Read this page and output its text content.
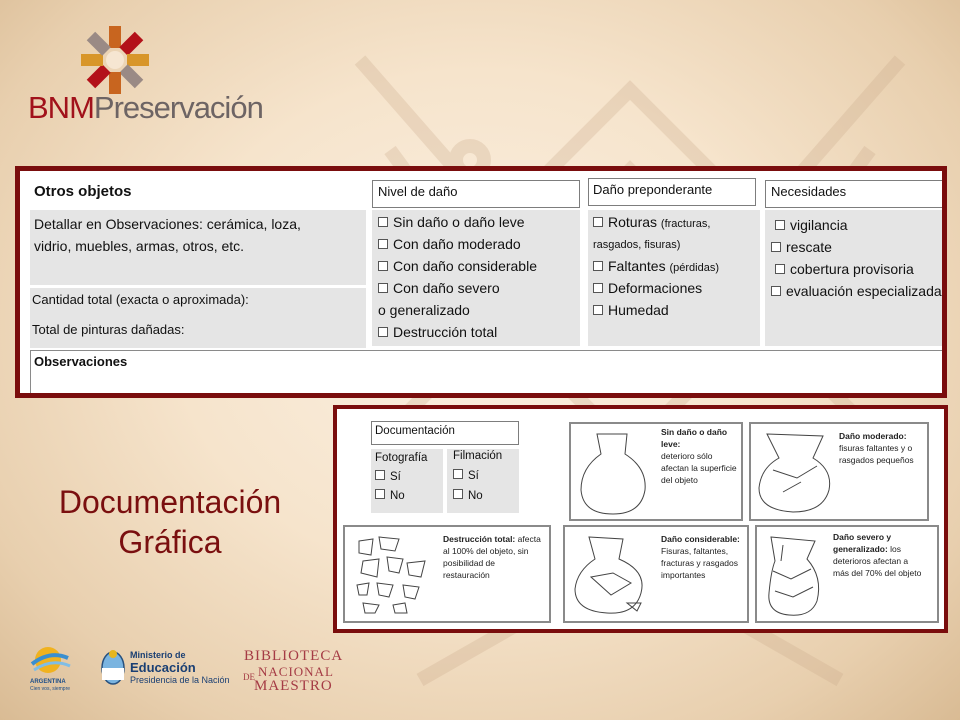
BNMPreservación
Otros objetos
Detallar en Observaciones: cerámica, loza,
vidrio, muebles, armas, otros, etc.
Cantidad total (exacta o aproximada):
Total de pinturas dañadas:
Observaciones
Nivel de daño
Sin daño o daño leve
Con daño moderado
Con daño considerable
Con daño severo
o generalizado
Destrucción total
Daño preponderante
Roturas (fracturas,
rasgados, fisuras)
Faltantes (pérdidas)
Deformaciones
Humedad
Necesidades
vigilancia
rescate
cobertura provisoria
evaluación especializada
Documentación
Gráfica
Documentación
Fotografía
Sí
No
Filmación
Sí
No
Sin daño o daño
leve:
deterioro sólo
afectan la superficie
del objeto
Daño moderado:
fisuras faltantes y o
rasgados pequeños
Destrucción total: afecta
al 100% del objeto, sin
posibilidad de
restauración
Daño considerable:
Fisuras, faltantes,
fracturas y rasgados
importantes
Daño severo y
generalizado: los
deterioros afectan a
más del 70% del objeto
ARGENTINA
Cien vos, siempre
Ministerio de
Educación
Presidencia de la Nación
BIBLIOTECA
NACIONAL
MAESTRO
DE
